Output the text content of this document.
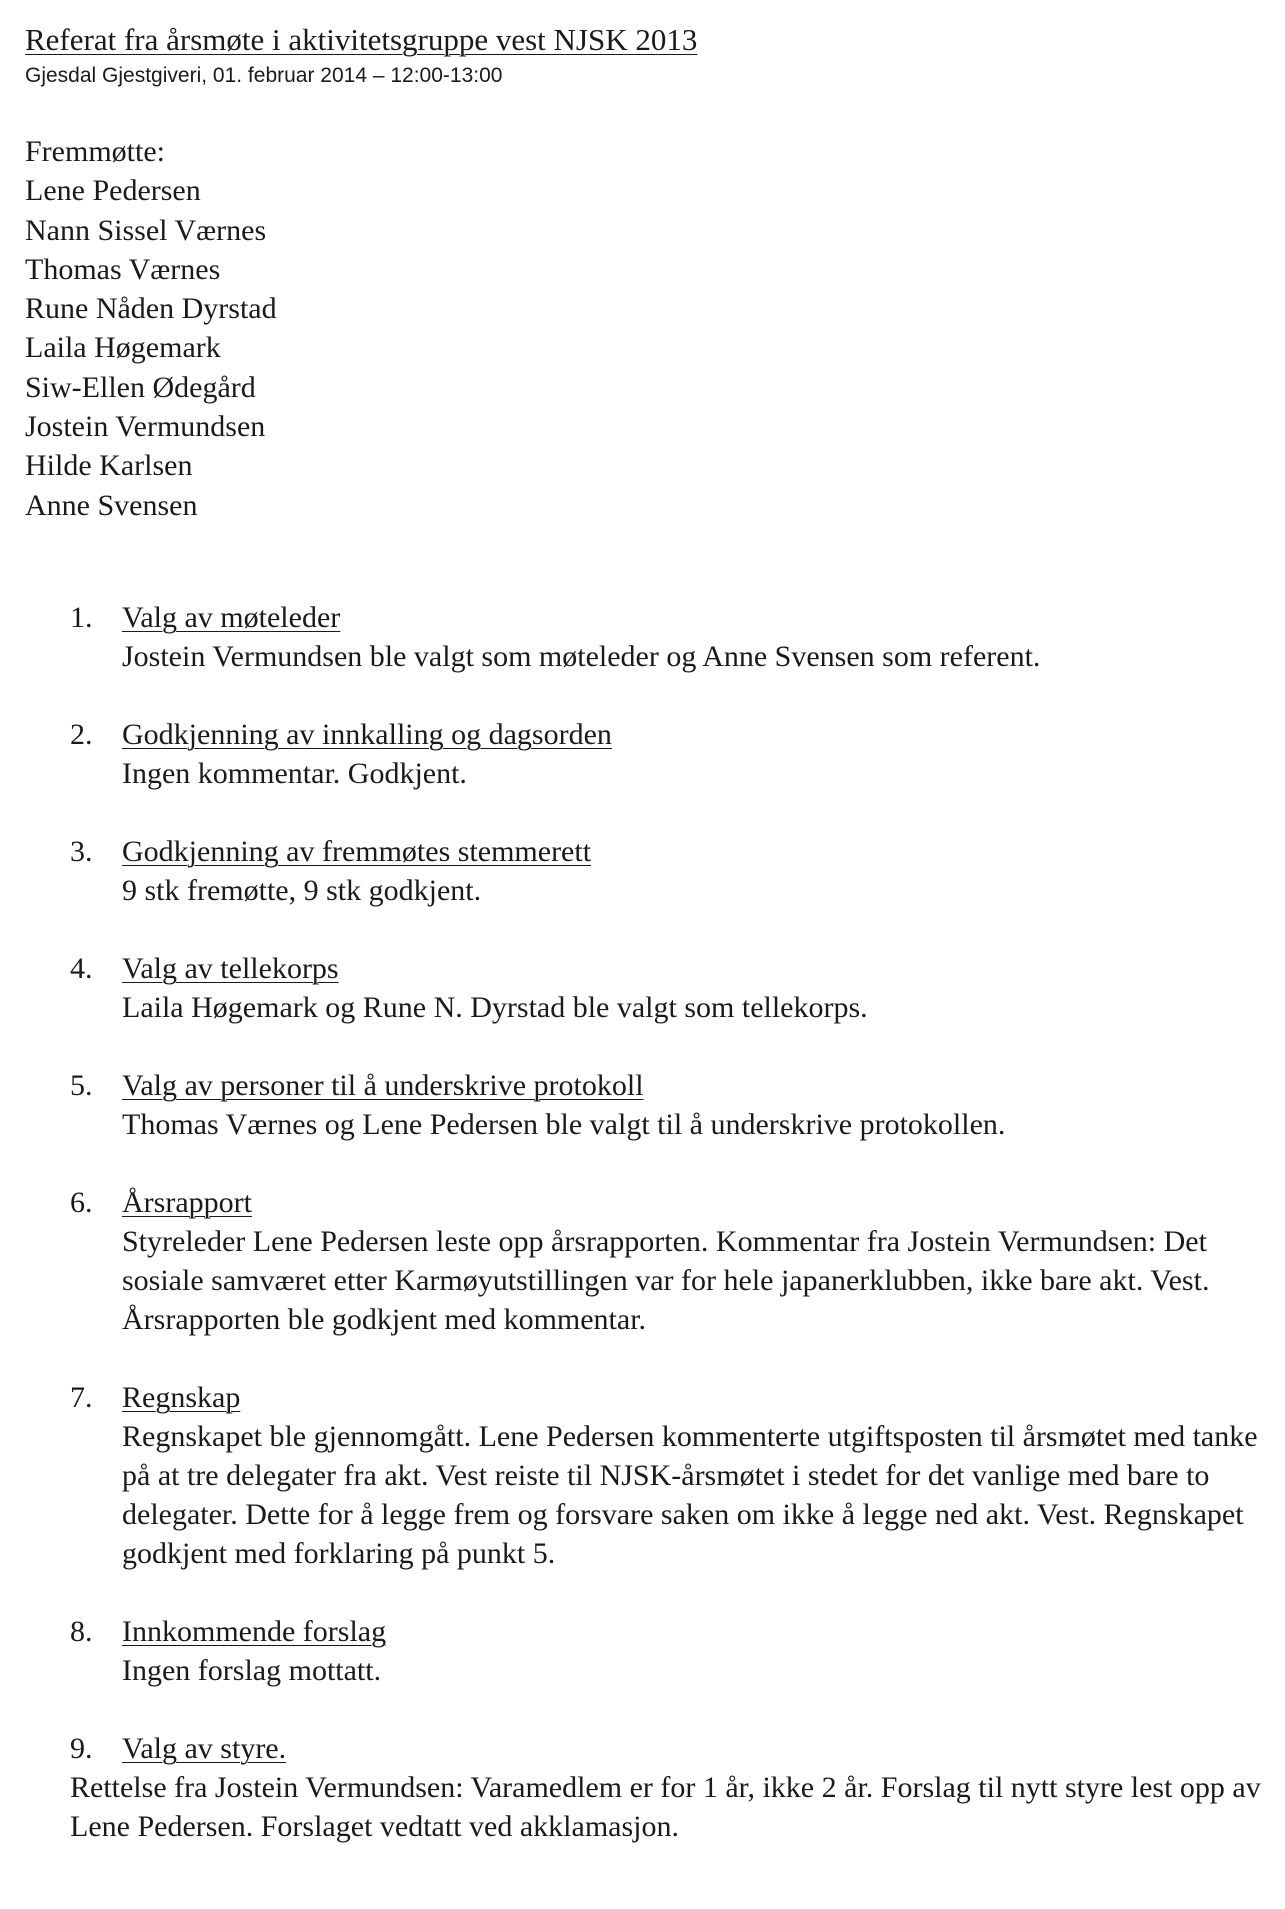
Referat fra årsmøte i aktivitetsgruppe vest NJSK 2013
Gjesdal Gjestgiveri, 01. februar 2014 – 12:00-13:00
Fremmøtte:
Lene Pedersen
Nann Sissel Værnes
Thomas Værnes
Rune Nåden Dyrstad
Laila Høgemark
Siw-Ellen Ødegård
Jostein Vermundsen
Hilde Karlsen
Anne Svensen
1. Valg av møteleder
Jostein Vermundsen ble valgt som møteleder og Anne Svensen som referent.
2. Godkjenning av innkalling og dagsorden
Ingen kommentar. Godkjent.
3. Godkjenning av fremmøtes stemmerett
9 stk fremøtte, 9 stk godkjent.
4. Valg av tellekorps
Laila Høgemark og Rune N. Dyrstad ble valgt som tellekorps.
5. Valg av personer til å underskrive protokoll
Thomas Værnes og Lene Pedersen ble valgt til å underskrive protokollen.
6. Årsrapport
Styreleder Lene Pedersen leste opp årsrapporten. Kommentar fra Jostein Vermundsen: Det sosiale samværet etter Karmøyutstillingen var for hele japanerklubben, ikke bare akt. Vest. Årsrapporten ble godkjent med kommentar.
7. Regnskap
Regnskapet ble gjennomgått. Lene Pedersen kommenterte utgiftsposten til årsmøtet med tanke på at tre delegater fra akt. Vest reiste til NJSK-årsmøtet i stedet for det vanlige med bare to delegater. Dette for å legge frem og forsvare saken om ikke å legge ned akt. Vest. Regnskapet godkjent med forklaring på punkt 5.
8. Innkommende forslag
Ingen forslag mottatt.
9. Valg av styre.
Rettelse fra Jostein Vermundsen: Varamedlem er for 1 år, ikke 2 år. Forslag til nytt styre lest opp av Lene Pedersen. Forslaget vedtatt ved akklamasjon.
